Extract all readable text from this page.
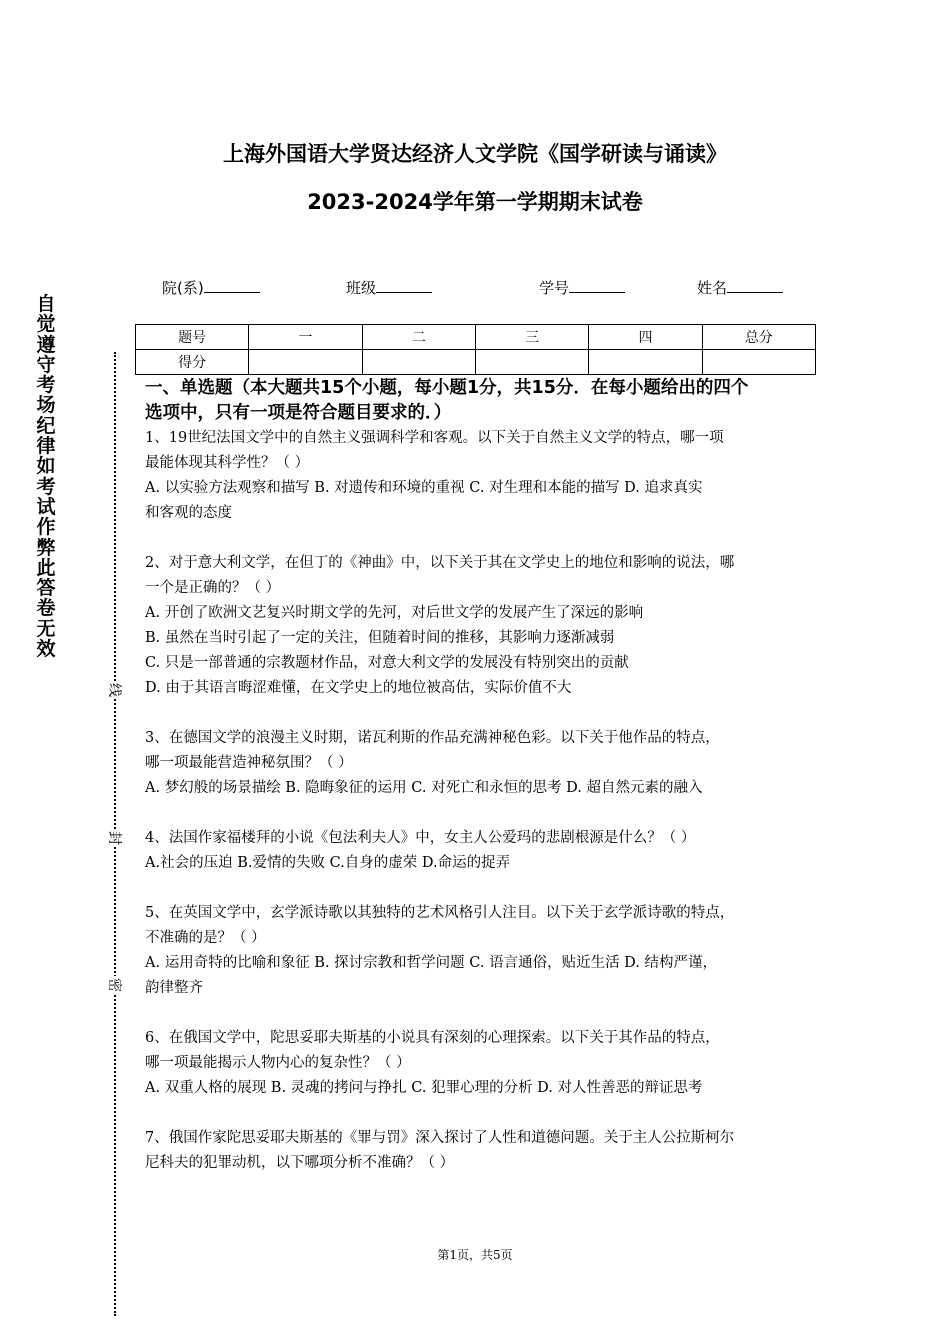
上海外国语大学贤达经济人文学院《国学研读与诵读》
2023-2024学年第一学期期末试卷
院(系)	班级	学号	姓名
题号	一	二	三	四	总分
得分					
自觉遵守考场纪律如考试作弊此答卷无效
线
封
密
一、单选题（本大题共15个小题，每小题1分，共15分．在每小题给出的四个
选项中，只有一项是符合题目要求的．）
1、19世纪法国文学中的自然主义强调科学和客观。以下关于自然主义文学的特点，哪一项
最能体现其科学性？（ ）
A. 以实验方法观察和描写 B. 对遗传和环境的重视 C. 对生理和本能的描写 D. 追求真实
和客观的态度
2、对于意大利文学，在但丁的《神曲》中，以下关于其在文学史上的地位和影响的说法，哪
一个是正确的？（ ）
A. 开创了欧洲文艺复兴时期文学的先河，对后世文学的发展产生了深远的影响
B. 虽然在当时引起了一定的关注，但随着时间的推移，其影响力逐渐减弱
C. 只是一部普通的宗教题材作品，对意大利文学的发展没有特别突出的贡献
D. 由于其语言晦涩难懂，在文学史上的地位被高估，实际价值不大
3、在德国文学的浪漫主义时期，诺瓦利斯的作品充满神秘色彩。以下关于他作品的特点，
哪一项最能营造神秘氛围？（ ）
A. 梦幻般的场景描绘 B. 隐晦象征的运用 C. 对死亡和永恒的思考 D. 超自然元素的融入
4、法国作家福楼拜的小说《包法利夫人》中，女主人公爱玛的悲剧根源是什么？（ ）
A.社会的压迫 B.爱情的失败 C.自身的虚荣 D.命运的捉弄
5、在英国文学中，玄学派诗歌以其独特的艺术风格引人注目。以下关于玄学派诗歌的特点，
不准确的是？（ ）
A. 运用奇特的比喻和象征 B. 探讨宗教和哲学问题 C. 语言通俗，贴近生活 D. 结构严谨，
韵律整齐
6、在俄国文学中，陀思妥耶夫斯基的小说具有深刻的心理探索。以下关于其作品的特点，
哪一项最能揭示人物内心的复杂性？（ ）
A. 双重人格的展现 B. 灵魂的拷问与挣扎 C. 犯罪心理的分析 D. 对人性善恶的辩证思考
7、俄国作家陀思妥耶夫斯基的《罪与罚》深入探讨了人性和道德问题。关于主人公拉斯柯尔
尼科夫的犯罪动机，以下哪项分析不准确？（ ）
第1页，共5页
